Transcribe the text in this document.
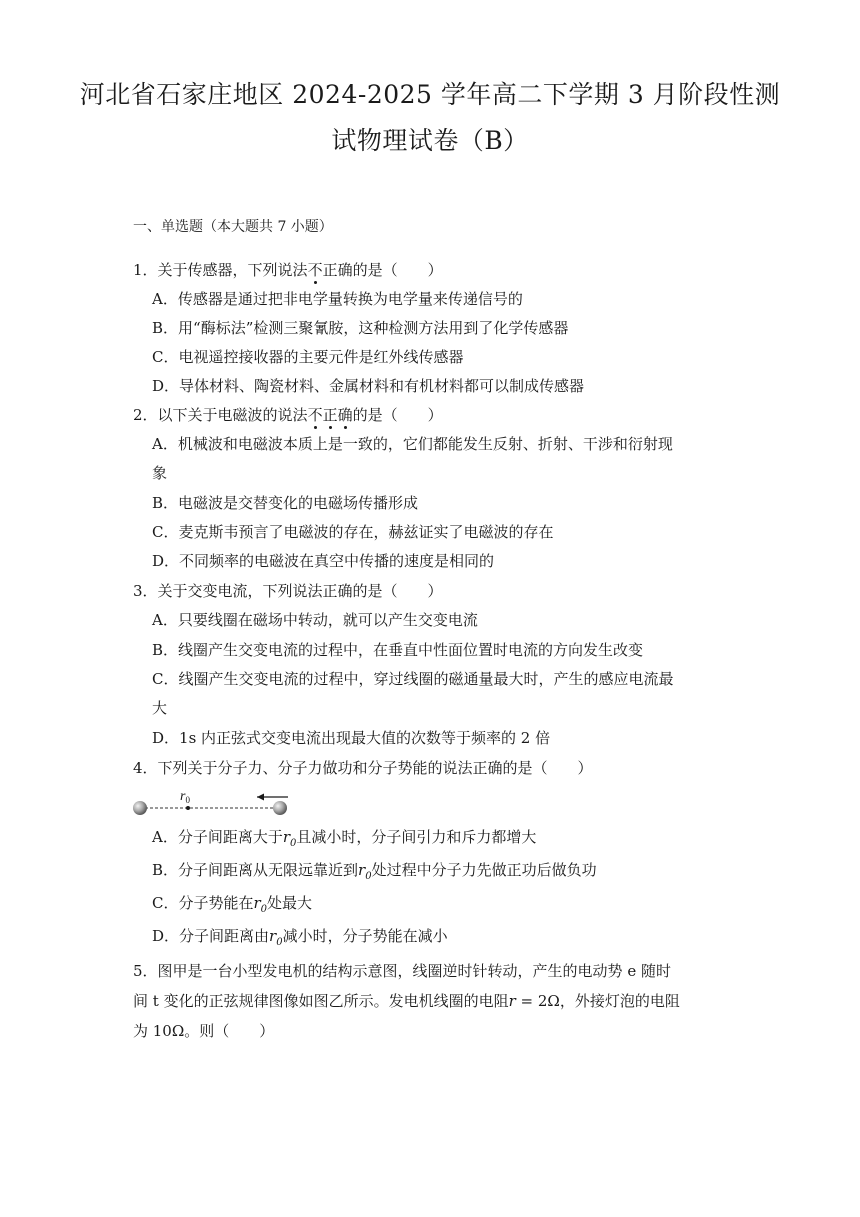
河北省石家庄地区 2024-2025 学年高二下学期 3 月阶段性测
试物理试卷（B）
一、单选题（本大题共 7 小题）
1．关于传感器，下列说法不正确的是（　　）
A．传感器是通过把非电学量转换为电学量来传递信号的
B．用“酶标法”检测三聚氰胺，这种检测方法用到了化学传感器
C．电视遥控接收器的主要元件是红外线传感器
D．导体材料、陶瓷材料、金属材料和有机材料都可以制成传感器
2．以下关于电磁波的说法不正确的是（　　）
A．机械波和电磁波本质上是一致的，它们都能发生反射、折射、干涉和衍射现
象
B．电磁波是交替变化的电磁场传播形成
C．麦克斯韦预言了电磁波的存在，赫兹证实了电磁波的存在
D．不同频率的电磁波在真空中传播的速度是相同的
3．关于交变电流，下列说法正确的是（　　）
A．只要线圈在磁场中转动，就可以产生交变电流
B．线圈产生交变电流的过程中，在垂直中性面位置时电流的方向发生改变
C．线圈产生交变电流的过程中，穿过线圈的磁通量最大时，产生的感应电流最
大
D．1s 内正弦式交变电流出现最大值的次数等于频率的 2 倍
4．下列关于分子力、分子力做功和分子势能的说法正确的是（　　）
$r_0$
A．分子间距离大于$r_0$且减小时，分子间引力和斥力都增大
B．分子间距离从无限远靠近到$r_0$处过程中分子力先做正功后做负功
C．分子势能在$r_0$处最大
D．分子间距离由$r_0$减小时，分子势能在减小
5．图甲是一台小型发电机的结构示意图，线圈逆时针转动，产生的电动势 e 随时
间 t 变化的正弦规律图像如图乙所示。发电机线圈的电阻r = 2Ω，外接灯泡的电阻
为 10Ω。则（　　）
